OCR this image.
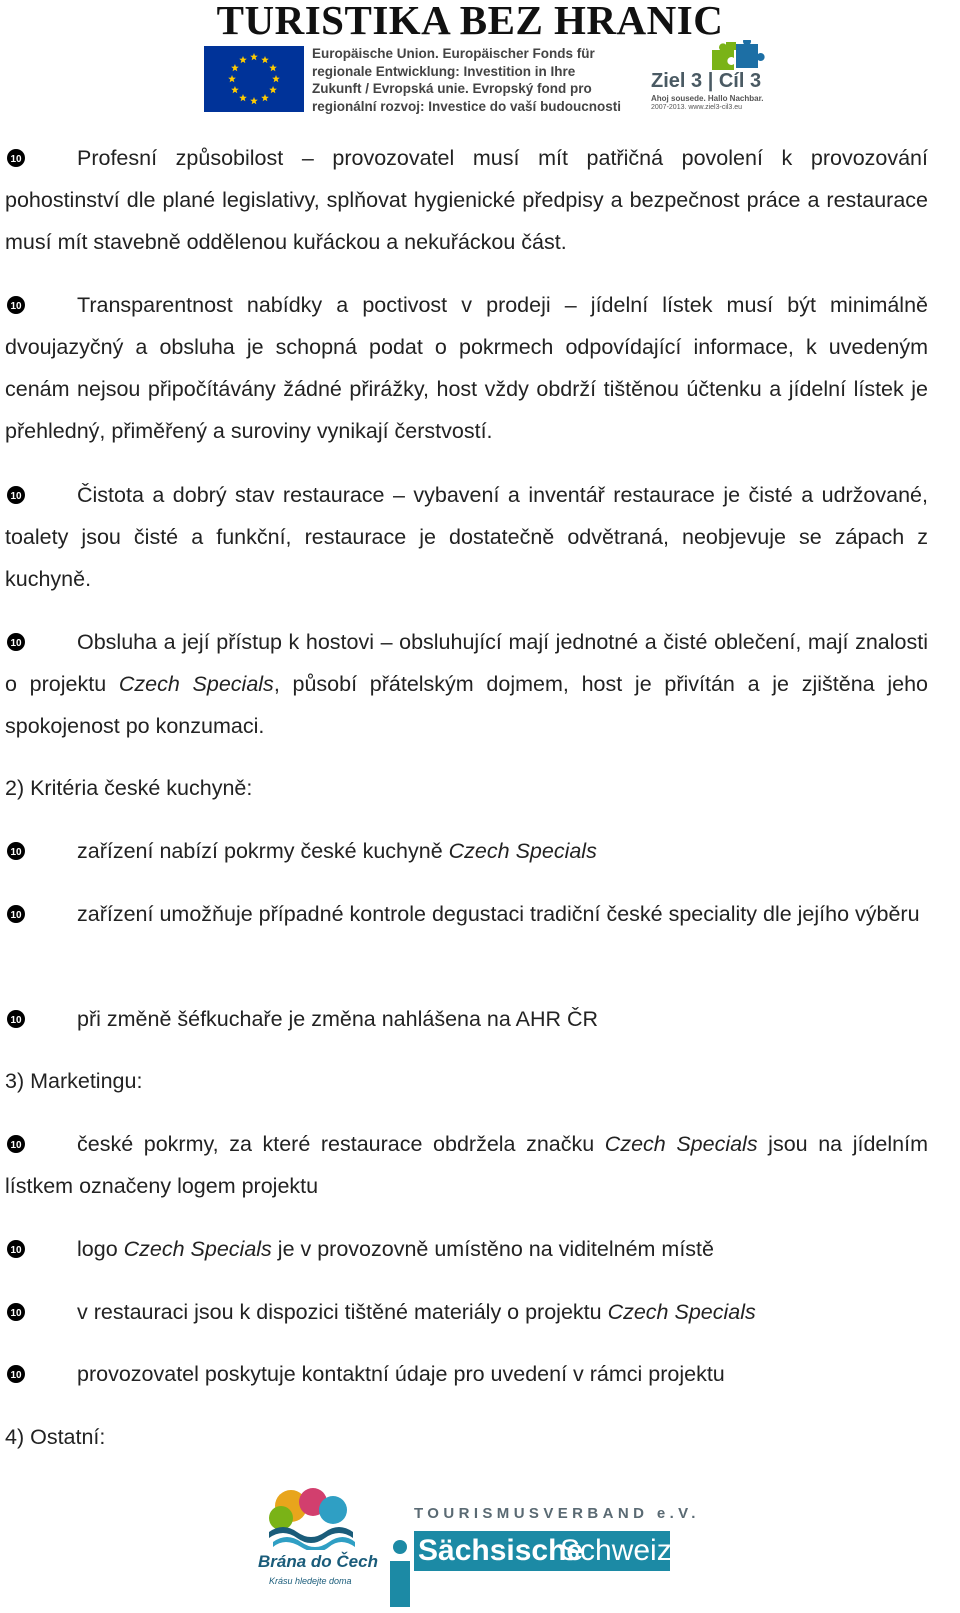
TURISTIKA BEZ HRANIC
Europäische Union. Europäischer Fonds für
regionale Entwicklung: Investition in Ihre
Zukunft / Evropská unie. Evropský fond pro
regionální rozvoj: Investice do vaší budoucnosti
Ziel 3 | Cíl 3
Ahoj sousede. Hallo Nachbar.
2007-2013. www.ziel3-cil3.eu
10	Profesní způsobilost – provozovatel musí mít patřičná povolení k provozování pohostinství dle plané legislativy, splňovat hygienické předpisy a bezpečnost práce a restaurace musí mít stavebně oddělenou kuřáckou a nekuřáckou část.
10	Transparentnost nabídky a poctivost v prodeji – jídelní lístek musí být minimálně dvoujazyčný a obsluha je schopná podat o pokrmech odpovídající informace, k uvedeným cenám nejsou připočítávány žádné přirážky, host vždy obdrží tištěnou účtenku a jídelní lístek je přehledný, přiměřený a suroviny vynikají čerstvostí.
10	Čistota a dobrý stav restaurace – vybavení a inventář restaurace je čisté a udržované, toalety jsou čisté a funkční, restaurace je dostatečně odvětraná, neobjevuje se zápach z kuchyně.
10	Obsluha a její přístup k hostovi – obsluhující mají jednotné a čisté oblečení, mají znalosti o projektu Czech Specials, působí přátelským dojmem, host je přivítán a je zjištěna jeho spokojenost po konzumaci.
2) Kritéria české kuchyně:
10	zařízení nabízí pokrmy české kuchyně Czech Specials
10	zařízení umožňuje případné kontrole degustaci tradiční české speciality dle jejího výběru
10	při změně šéfkuchaře je změna nahlášena na AHR ČR
3) Marketingu:
10	české pokrmy, za které restaurace obdržela značku Czech Specials jsou na jídelním lístkem označeny logem projektu
10	logo Czech Specials je v provozovně umístěno na viditelném místě
10	v restauraci jsou k dispozici tištěné materiály o projektu Czech Specials
10	provozovatel poskytuje kontaktní údaje pro uvedení v rámci projektu
4) Ostatní:
Brána do Čech
Krásu hledejte doma
TOURISMUSVERBAND e.V.
Sächsische
Schweiz
